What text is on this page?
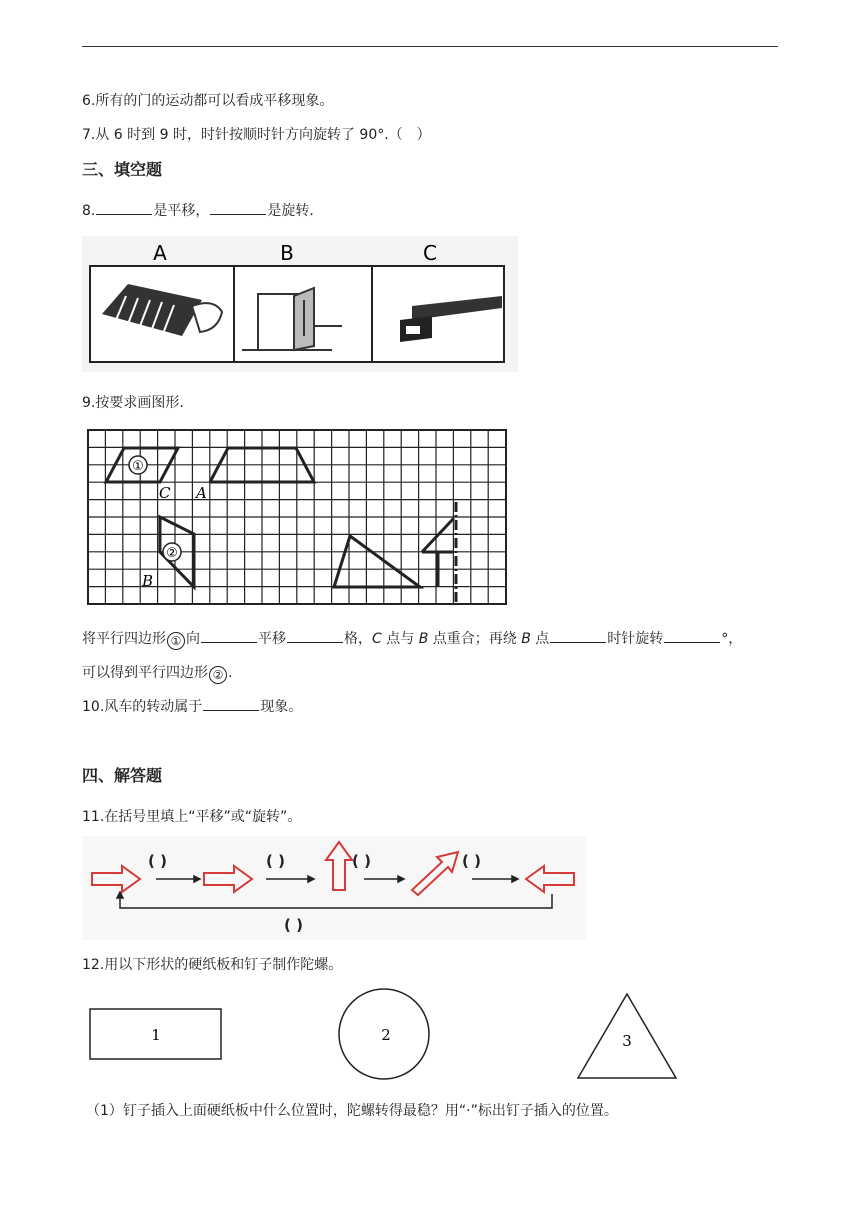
6.所有的门的运动都可以看成平移现象。
7.从 6 时到 9 时，时针按顺时针方向旋转了 90°.（　）
三、填空题
8.	是平移，	是旋转.
A	B	C
9.按要求画图形.
①
②
C A
B
将平行四边形 ① 向	平移	格，C 点与 B 点重合；再绕 B 点	时针旋转	°，
可以得到平行四边形 ② .
10.风车的转动属于	现象。
四、解答题
11.在括号里填上“平移”或“旋转”。
( )	( )	( )	( )
( )
12.用以下形状的硬纸板和钉子制作陀螺。
1	2	3
（1）钉子插入上面硬纸板中什么位置时，陀螺转得最稳？用“·”标出钉子插入的位置。
